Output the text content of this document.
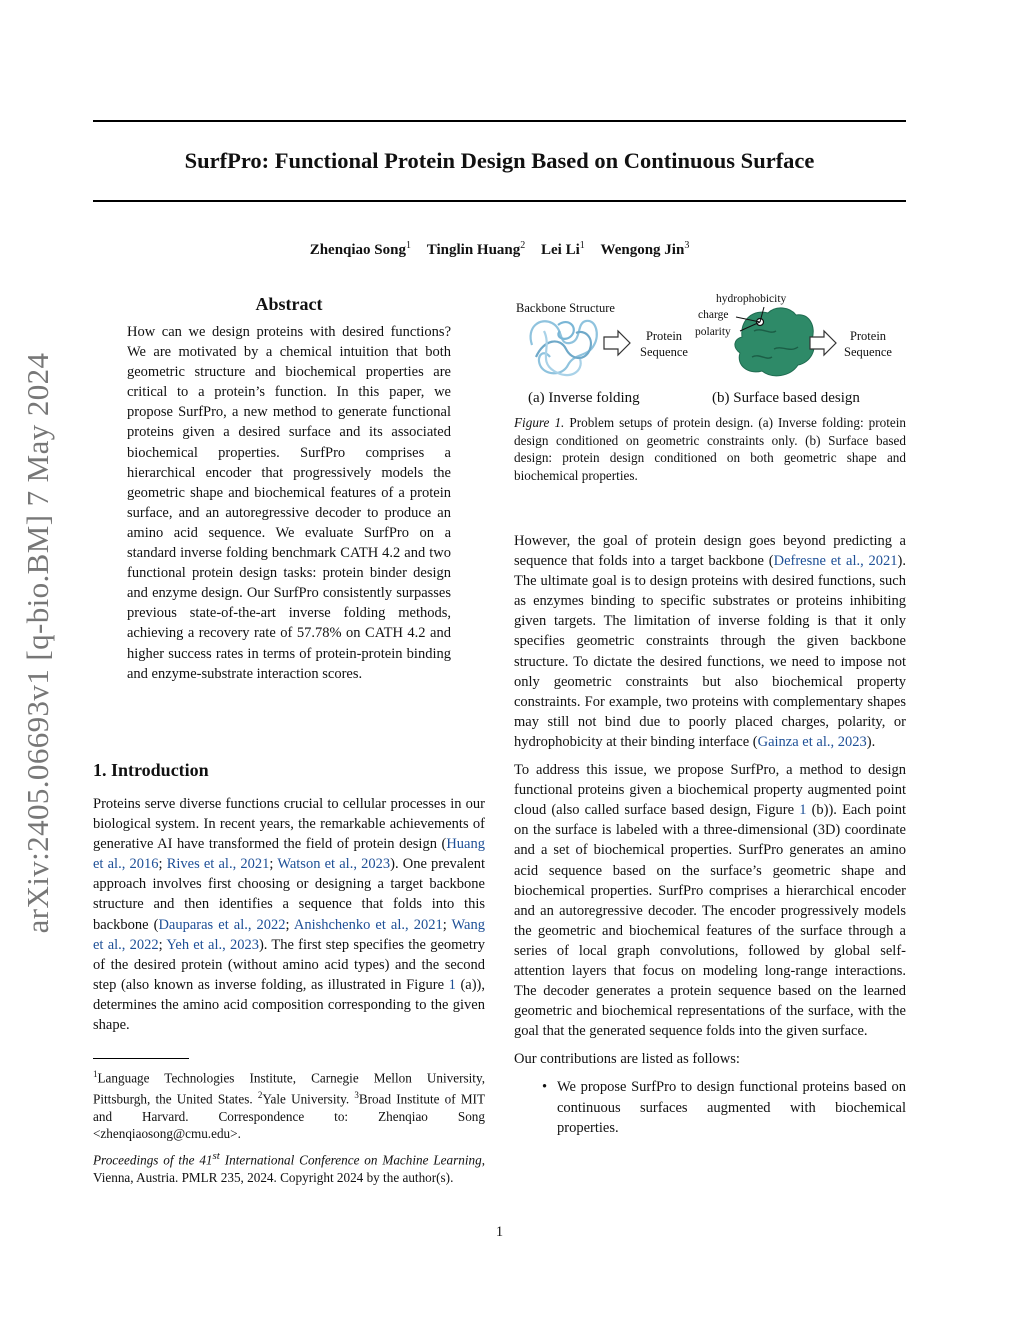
SurfPro: Functional Protein Design Based on Continuous Surface
Zhenqiao Song$^1$ Tinglin Huang$^2$ Lei Li$^1$ Wengong Jin$^3$
arXiv:2405.06693v1 [q-bio.BM] 7 May 2024
Abstract
How can we design proteins with desired functions? We are motivated by a chemical intuition that both geometric structure and biochemical properties are critical to a protein’s function. In this paper, we propose SurfPro, a new method to generate functional proteins given a desired surface and its associated biochemical properties. SurfPro comprises a hierarchical encoder that progressively models the geometric shape and biochemical features of a protein surface, and an autoregressive decoder to produce an amino acid sequence. We evaluate SurfPro on a standard inverse folding benchmark CATH 4.2 and two functional protein design tasks: protein binder design and enzyme design. Our SurfPro consistently surpasses previous state-of-the-art inverse folding methods, achieving a recovery rate of 57.78% on CATH 4.2 and higher success rates in terms of protein-protein binding and enzyme-substrate interaction scores.
1. Introduction
Proteins serve diverse functions crucial to cellular processes in our biological system. In recent years, the remarkable achievements of generative AI have transformed the field of protein design (Huang et al., 2016; Rives et al., 2021; Watson et al., 2023). One prevalent approach involves first choosing or designing a target backbone structure and then identifies a sequence that folds into this backbone (Dauparas et al., 2022; Anishchenko et al., 2021; Wang et al., 2022; Yeh et al., 2023). The first step specifies the geometry of the desired protein (without amino acid types) and the second step (also known as inverse folding, as illustrated in Figure 1 (a)), determines the amino acid composition corresponding to the given shape.
$^1$Language Technologies Institute, Carnegie Mellon University, Pittsburgh, the United States. $^2$Yale University. $^3$Broad Institute of MIT and Harvard. Correspondence to: Zhenqiao Song <zhenqiaosong@cmu.edu>.
Proceedings of the 41st International Conference on Machine Learning, Vienna, Austria. PMLR 235, 2024. Copyright 2024 by the author(s).
Backbone Structure
Protein
Sequence
hydrophobicity
charge
polarity	Protein
Sequence
(a) Inverse folding	(b) Surface based design
Figure 1. Problem setups of protein design. (a) Inverse folding: protein design conditioned on geometric constraints only. (b) Surface based design: protein design conditioned on both geometric shape and biochemical properties.

However, the goal of protein design goes beyond predicting a sequence that folds into a target backbone (Defresne et al., 2021). The ultimate goal is to design proteins with desired functions, such as enzymes binding to specific substrates or proteins inhibiting given targets. The limitation of inverse folding is that it only specifies geometric constraints through the given backbone structure. To dictate the desired functions, we need to impose not only geometric constraints but also biochemical property constraints. For example, two proteins with complementary shapes may still not bind due to poorly placed charges, polarity, or hydrophobicity at their binding interface (Gainza et al., 2023).

To address this issue, we propose SurfPro, a method to design functional proteins given a biochemical property augmented point cloud (also called surface based design, Figure 1 (b)). Each point on the surface is labeled with a three-dimensional (3D) coordinate and a set of biochemical properties. SurfPro generates an amino acid sequence based on the surface’s geometric shape and biochemical properties. SurfPro comprises a hierarchical encoder and an autoregressive decoder. The encoder progressively models the geometric and biochemical features of the surface through a series of local graph convolutions, followed by global self-attention layers that focus on modeling long-range interactions. The decoder generates a protein sequence based on the learned geometric and biochemical representations of the surface, with the goal that the generated sequence folds into the given surface.

Our contributions are listed as follows:

• We propose SurfPro to design functional proteins based on continuous surfaces augmented with biochemical properties.
1
